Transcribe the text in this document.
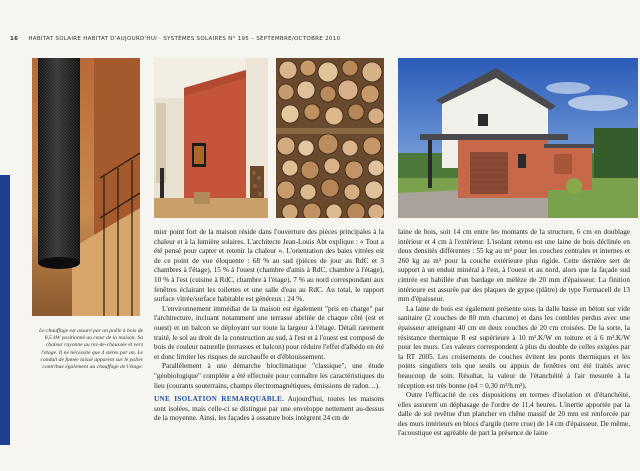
16 HABITAT SOLAIRE HABITAT D'AUJOURD'HUI · SYSTÈMES SOLAIRES N° 195 – SEPTEMBRE/OCTOBRE 2010
Le chauffage est assuré par un poêle à bois de 8,5 kW positionné au cœur de la maison. Sa chaleur rayonne au rez-de-chaussée et vers l'étage. Il ne nécessite que 4 stères par an. Le conduit de fumée laissé apparent sur le palier contribue également au chauffage de l'étage.

mier point fort de la maison réside dans l'ouverture des pièces principales à la chaleur et à la lumière solaires. L'architecte Jean-Louis Abt explique : « Tout a été pensé pour capter et retenir la chaleur ». L'orientation des baies vitrées est de ce point de vue éloquente : 68 % au sud (pièces de jour au RdC et 3 chambres à l'étage), 15 % à l'ouest (chambre d'amis à RdC, chambre à l'étage), 10 % à l'est (cuisine à RdC, chambre à l'étage), 7 % au nord correspondant aux fenêtres éclairant les toilettes et une salle d'eau au RdC. Au total, le rapport surface vitrée/surface habitable est généreux : 24 %.

L'environnement immédiat de la maison est également "pris en charge" par l'architecture, incluant notamment une terrasse abritée de chaque côté (est et ouest) et un balcon se déployant sur toute la largeur à l'étage. Détail rarement traité, le sol au droit de la construction au sud, à l'est et à l'ouest est composé de bois de couleur naturelle (terrasses et balcon) pour réduire l'effet d'albédo en été et donc limiter les risques de surchauffe et d'éblouissement.

Parallèlement à une démarche bioclimatique "classique", une étude "géobiologique" complète a été effectuée pour connaître les caractéristiques du lieu (courants souterrains, champs électromagnétiques, émissions de radon…).

UNE ISOLATION REMARQUABLE. Aujourd'hui, toutes les maisons sont isolées, mais celle-ci se distingue par une enveloppe nettement au-dessus de la moyenne. Ainsi, les façades à ossature bois intègrent 24 cm de

laine de bois, soit 14 cm entre les montants de la structure, 6 cm en doublage intérieur et 4 cm à l'extérieur. L'isolant retenu est une laine de bois déclinée en deux densités différentes : 55 kg au m³ pour les couches centrales et internes et 260 kg au m³ pour la couche extérieure plus rigide. Cette dernière sert de support à un enduit minéral à l'est, à l'ouest et au nord, alors que la façade sud cintrée est habillée d'un bardage en mélèze de 20 mm d'épaisseur. La finition intérieure est assurée par des plaques de gypse (plâtre) de type Fermacell de 13 mm d'épaisseur.

La laine de bois est également présente sous la dalle basse en béton sur vide sanitaire (2 couches de 80 mm chacune) et dans les combles perdus avec une épaisseur atteignant 40 cm en deux couches de 20 cm croisées. De la sorte, la résistance thermique R est supérieure à 10 m².K/W en toiture et à 6 m².K/W pour les murs. Ces valeurs correspondent à plus du double de celles exigées par la RT 2005. Les croisements de couches évitent les ponts thermiques et les points singuliers tels que seuils ou appuis de fenêtres ont été traités avec beaucoup de soin. Résultat, la valeur de l'étanchéité à l'air mesurée à la réception est très bonne (n4 = 0,30 m³/h.m²).

Outre l'efficacité de ces dispositions en termes d'isolation et d'étanchéité, elles assurent un déphasage de l'ordre de 11,4 heures. L'inertie apportée par la dalle de sol revêtue d'un plancher en chêne massif de 20 mm est renforcée par des murs intérieurs en blocs d'argile (terre crue) de 14 cm d'épaisseur. De même, l'acoustique est agréable de part la présence de laine
